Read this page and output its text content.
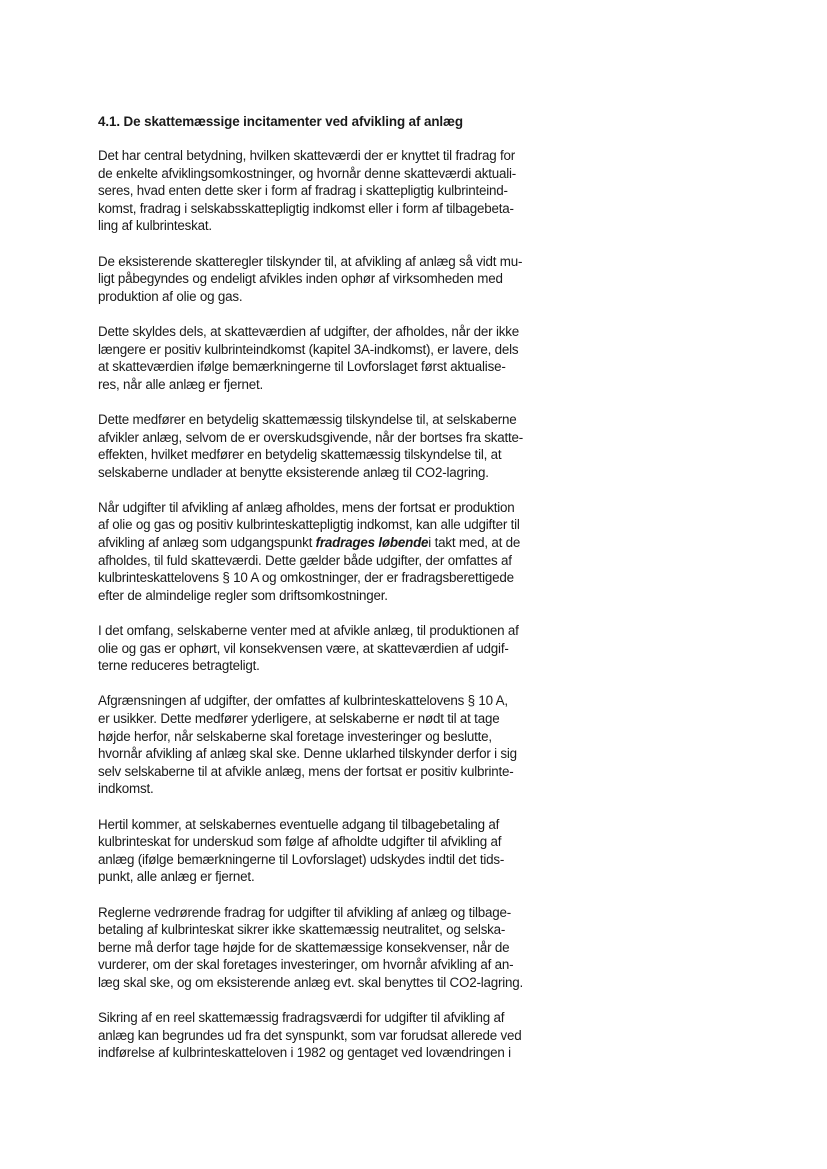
4.1. De skattemæssige incitamenter ved afvikling af anlæg
Det har central betydning, hvilken skatteværdi der er knyttet til fradrag for
de enkelte afviklingsomkostninger, og hvornår denne skatteværdi aktuali-
seres, hvad enten dette sker i form af fradrag i skattepligtig kulbrinteind-
komst, fradrag i selskabsskattepligtig indkomst eller i form af tilbagebeta-
ling af kulbrinteskat.
De eksisterende skatteregler tilskynder til, at afvikling af anlæg så vidt mu-
ligt påbegyndes og endeligt afvikles inden ophør af virksomheden med
produktion af olie og gas.
Dette skyldes dels, at skatteværdien af udgifter, der afholdes, når der ikke
længere er positiv kulbrinteindkomst (kapitel 3A-indkomst), er lavere, dels
at skatteværdien ifølge bemærkningerne til Lovforslaget først aktualise-
res, når alle anlæg er fjernet.
Dette medfører en betydelig skattemæssig tilskyndelse til, at selskaberne
afvikler anlæg, selvom de er overskudsgivende, når der bortses fra skatte-
effekten, hvilket medfører en betydelig skattemæssig tilskyndelse til, at
selskaberne undlader at benytte eksisterende anlæg til CO2-lagring.
Når udgifter til afvikling af anlæg afholdes, mens der fortsat er produktion
af olie og gas og positiv kulbrinteskattepligtig indkomst, kan alle udgifter til
afvikling af anlæg som udgangspunkt fradrages løbendei takt med, at de
afholdes, til fuld skatteværdi. Dette gælder både udgifter, der omfattes af
kulbrinteskattelovens § 10 A og omkostninger, der er fradragsberettigede
efter de almindelige regler som driftsomkostninger.
I det omfang, selskaberne venter med at afvikle anlæg, til produktionen af
olie og gas er ophørt, vil konsekvensen være, at skatteværdien af udgif-
terne reduceres betragteligt.
Afgrænsningen af udgifter, der omfattes af kulbrinteskattelovens § 10 A,
er usikker. Dette medfører yderligere, at selskaberne er nødt til at tage
højde herfor, når selskaberne skal foretage investeringer og beslutte,
hvornår afvikling af anlæg skal ske. Denne uklarhed tilskynder derfor i sig
selv selskaberne til at afvikle anlæg, mens der fortsat er positiv kulbrinte-
indkomst.
Hertil kommer, at selskabernes eventuelle adgang til tilbagebetaling af
kulbrinteskat for underskud som følge af afholdte udgifter til afvikling af
anlæg (ifølge bemærkningerne til Lovforslaget) udskydes indtil det tids-
punkt, alle anlæg er fjernet.
Reglerne vedrørende fradrag for udgifter til afvikling af anlæg og tilbage-
betaling af kulbrinteskat sikrer ikke skattemæssig neutralitet, og selska-
berne må derfor tage højde for de skattemæssige konsekvenser, når de
vurderer, om der skal foretages investeringer, om hvornår afvikling af an-
læg skal ske, og om eksisterende anlæg evt. skal benyttes til CO2-lagring.
Sikring af en reel skattemæssig fradragsværdi for udgifter til afvikling af
anlæg kan begrundes ud fra det synspunkt, som var forudsat allerede ved
indførelse af kulbrinteskatteloven i 1982 og gentaget ved lovændringen i
